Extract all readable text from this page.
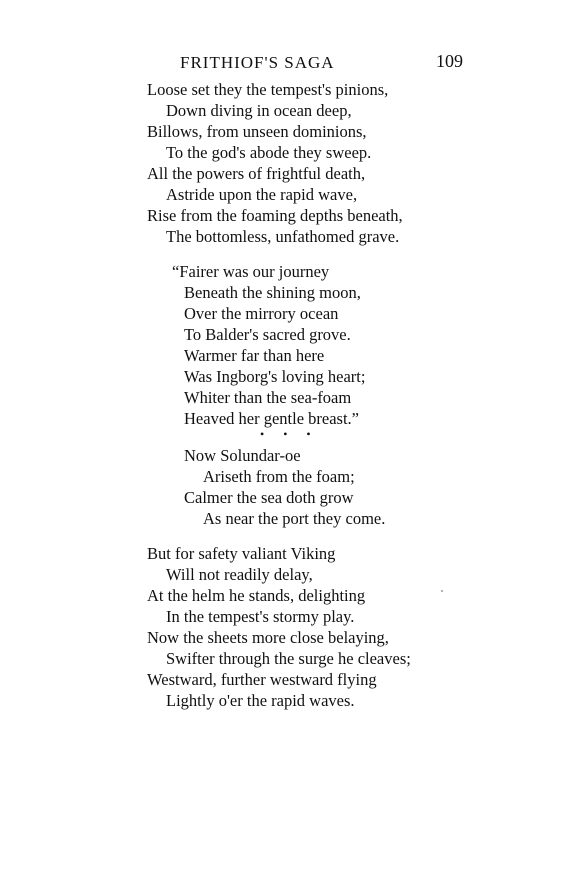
FRITHIOF'S SAGA	109
Loose set they the tempest's pinions,
Down diving in ocean deep,
Billows, from unseen dominions,
To the god's abode they sweep.
All the powers of frightful death,
Astride upon the rapid wave,
Rise from the foaming depths beneath,
The bottomless, unfathomed grave.
“Fairer was our journey
Beneath the shining moon,
Over the mirrory ocean
To Balder's sacred grove.
Warmer far than here
Was Ingborg's loving heart;
Whiter than the sea-foam
Heaved her gentle breast.”
• • •
Now Solundar-oe
Ariseth from the foam;
Calmer the sea doth grow
As near the port they come.
But for safety valiant Viking
Will not readily delay,
At the helm he stands, delighting
In the tempest's stormy play.
Now the sheets more close belaying,
Swifter through the surge he cleaves;
Westward, further westward flying
Lightly o'er the rapid waves.
